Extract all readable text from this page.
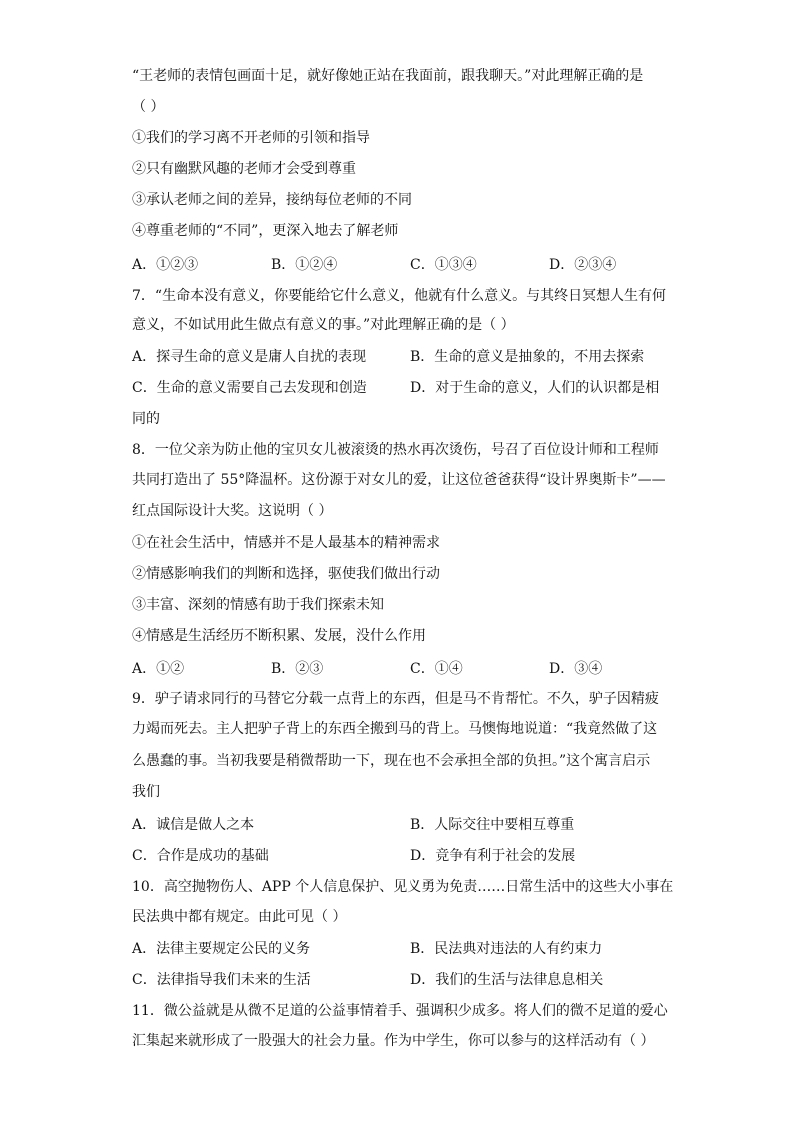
“王老师的表情包画面十足，就好像她正站在我面前，跟我聊天。”对此理解正确的是
（ ）
①我们的学习离不开老师的引领和指导
②只有幽默风趣的老师才会受到尊重
③承认老师之间的差异，接纳每位老师的不同
④尊重老师的“不同”，更深入地去了解老师
A．①②③	B．①②④	C．①③④	D．②③④
7．“生命本没有意义，你要能给它什么意义，他就有什么意义。与其终日冥想人生有何
意义，不如试用此生做点有意义的事。”对此理解正确的是（ ）
A．探寻生命的意义是庸人自扰的表现	B．生命的意义是抽象的，不用去探索
C．生命的意义需要自己去发现和创造	D．对于生命的意义，人们的认识都是相
同的
8．一位父亲为防止他的宝贝女儿被滚烫的热水再次烫伤，号召了百位设计师和工程师
共同打造出了 55°降温杯。这份源于对女儿的爱，让这位爸爸获得“设计界奥斯卡”——
红点国际设计大奖。这说明（ ）
①在社会生活中，情感并不是人最基本的精神需求
②情感影响我们的判断和选择，驱使我们做出行动
③丰富、深刻的情感有助于我们探索未知
④情感是生活经历不断积累、发展，没什么作用
A．①②	B．②③	C．①④	D．③④
9．驴子请求同行的马替它分载一点背上的东西，但是马不肯帮忙。不久，驴子因精疲
力竭而死去。主人把驴子背上的东西全搬到马的背上。马懊悔地说道：“我竟然做了这
么愚蠢的事。当初我要是稍微帮助一下，现在也不会承担全部的负担。”这个寓言启示
我们
A．诚信是做人之本	B．人际交往中要相互尊重
C．合作是成功的基础	D．竞争有利于社会的发展
10．高空抛物伤人、APP 个人信息保护、见义勇为免责……日常生活中的这些大小事在
民法典中都有规定。由此可见（ ）
A．法律主要规定公民的义务	B．民法典对违法的人有约束力
C．法律指导我们未来的生活	D．我们的生活与法律息息相关
11．微公益就是从微不足道的公益事情着手、强调积少成多。将人们的微不足道的爱心
汇集起来就形成了一股强大的社会力量。作为中学生，你可以参与的这样活动有（ ）
